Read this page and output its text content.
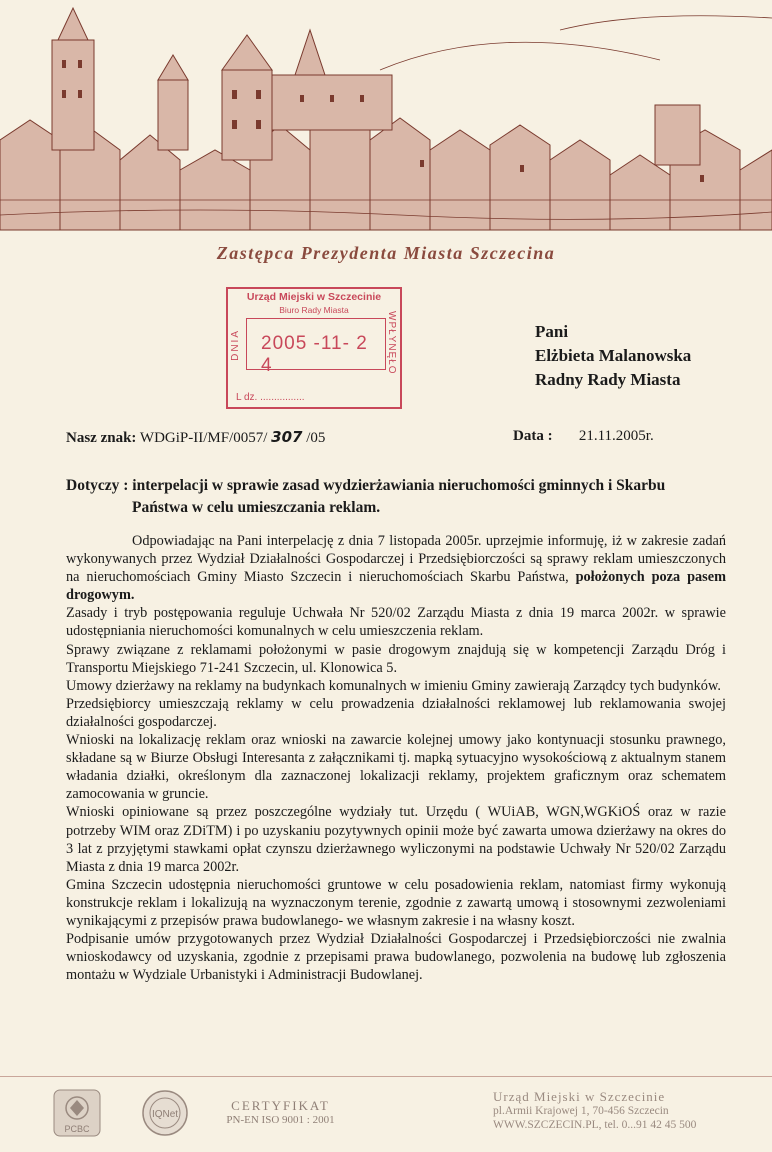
Zastępca Prezydenta Miasta Szczecina
Urząd Miejski w Szczecinie
Biuro Rady Miasta
2005 -11- 2 4
DNIA	WPŁYNĘŁO
L dz. ................
Pani
Elżbieta Malanowska
Radny Rady Miasta
Nasz znak: WDGiP-II/MF/0057/ 307 /05	Data : 21.11.2005r.
Dotyczy : interpelacji w sprawie zasad wydzierżawiania nieruchomości gminnych i Skarbu
Państwa w celu umieszczania reklam.

Odpowiadając na Pani interpelację z dnia 7 listopada 2005r. uprzejmie informuję, iż w zakresie zadań wykonywanych przez Wydział Działalności Gospodarczej i Przedsiębiorczości są sprawy reklam umieszczonych na nieruchomościach Gminy Miasto Szczecin i nieruchomościach Skarbu Państwa, położonych poza pasem drogowym.

Zasady i tryb postępowania reguluje Uchwała Nr 520/02 Zarządu Miasta z dnia 19 marca 2002r. w sprawie udostępniania nieruchomości komunalnych w celu umieszczenia reklam.

Sprawy związane z reklamami położonymi w pasie drogowym znajdują się w kompetencji Zarządu Dróg i Transportu Miejskiego 71-241 Szczecin, ul. Klonowica 5.

Umowy dzierżawy na reklamy na budynkach komunalnych w imieniu Gminy zawierają Zarządcy tych budynków.

Przedsiębiorcy umieszczają reklamy w celu prowadzenia działalności reklamowej lub reklamowania swojej działalności gospodarczej.

Wnioski na lokalizację reklam oraz wnioski na zawarcie kolejnej umowy jako kontynuacji stosunku prawnego, składane są w Biurze Obsługi Interesanta z załącznikami tj. mapką sytuacyjno wysokościową z aktualnym stanem władania działki, określonym dla zaznaczonej lokalizacji reklamy, projektem graficznym oraz schematem zamocowania w gruncie.

Wnioski opiniowane są przez poszczególne wydziały tut. Urzędu ( WUiAB, WGN,WGKiOŚ oraz w razie potrzeby WIM oraz ZDiTM) i po uzyskaniu pozytywnych opinii może być zawarta umowa dzierżawy na okres do 3 lat z przyjętymi stawkami opłat czynszu dzierżawnego wyliczonymi na podstawie Uchwały Nr 520/02 Zarządu Miasta z dnia 19 marca 2002r.

Gmina Szczecin udostępnia nieruchomości gruntowe w celu posadowienia reklam, natomiast firmy wykonują konstrukcje reklam i lokalizują na wyznaczonym terenie, zgodnie z zawartą umową i stosownymi zezwoleniami wynikającymi z przepisów prawa budowlanego- we własnym zakresie i na własny koszt.

Podpisanie umów przygotowanych przez Wydział Działalności Gospodarczej i Przedsiębiorczości nie zwalnia wnioskodawcy od uzyskania, zgodnie z przepisami prawa budowlanego, pozwolenia na budowę lub zgłoszenia montażu w Wydziale Urbanistyki i Administracji Budowlanej.

PCBC
IQNet
CERTYFIKAT
PN-EN ISO 9001 : 2001
Urząd Miejski w Szczecinie
pl.Armii Krajowej 1, 70-456 Szczecin
WWW.SZCZECIN.PL, tel. 0...91 42 45 500
